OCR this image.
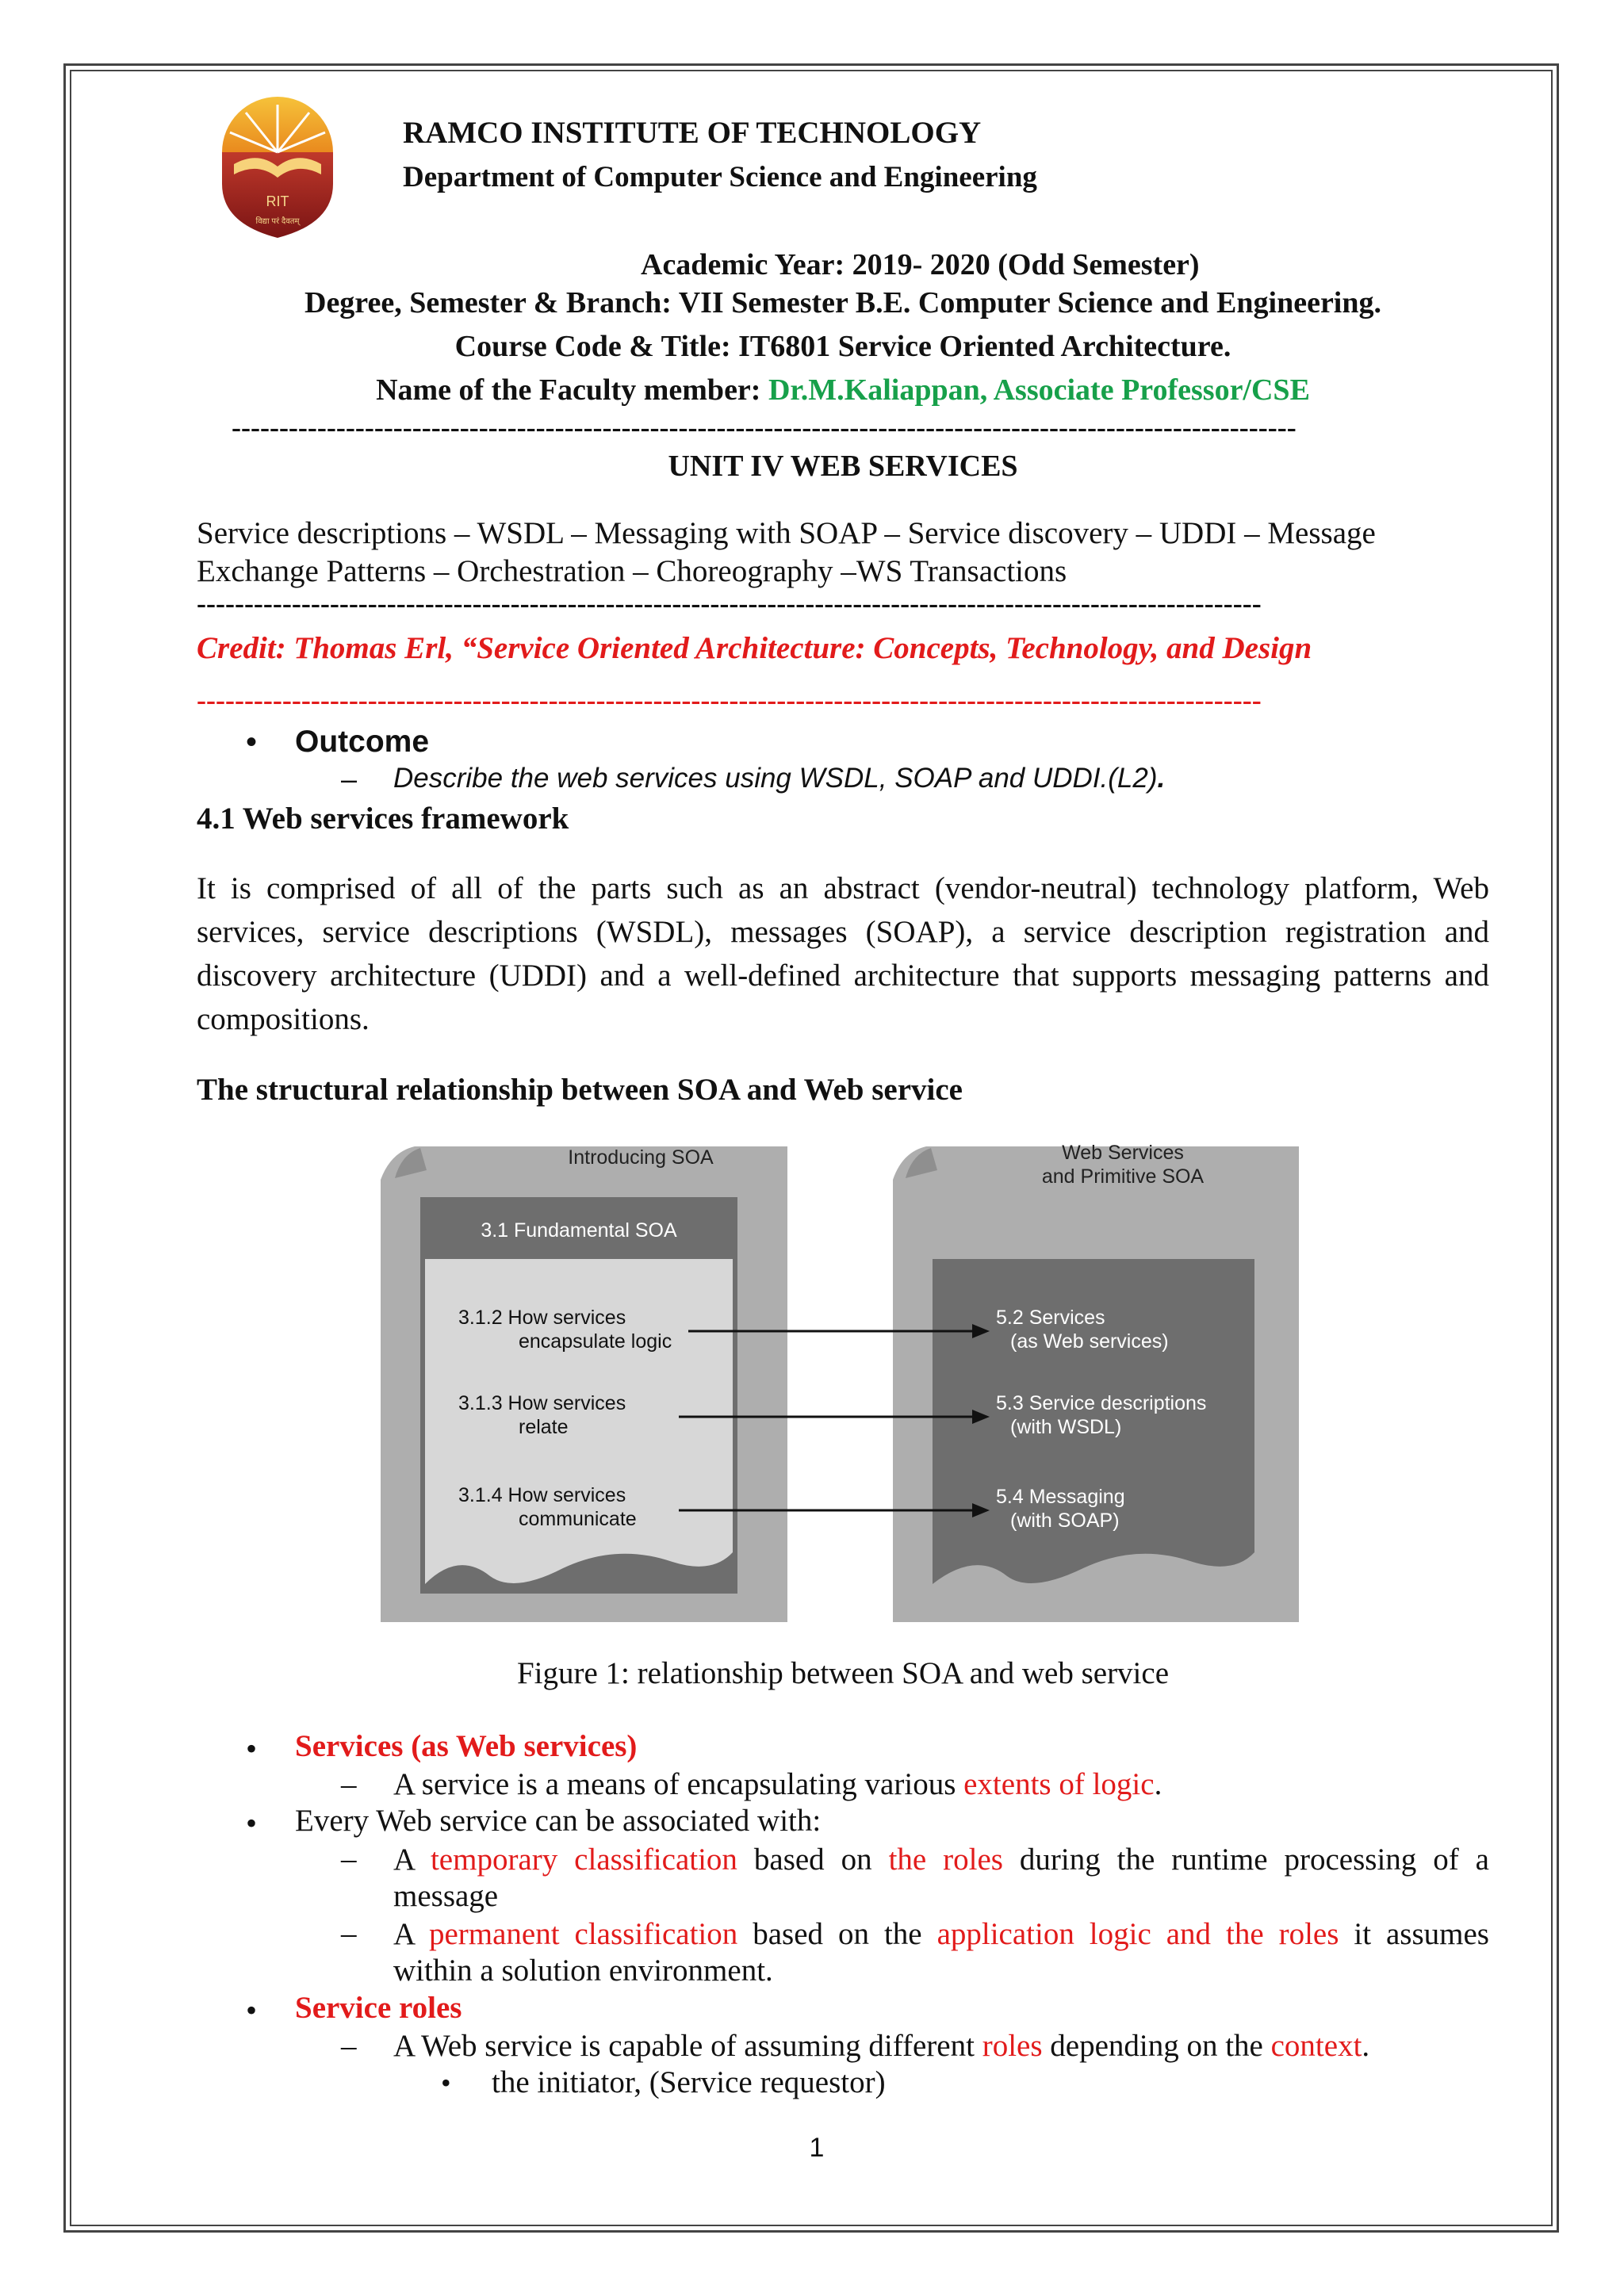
RIT
विद्या परं दैवतम्
RAMCO INSTITUTE OF TECHNOLOGY
Department of Computer Science and Engineering
Academic Year: 2019- 2020 (Odd Semester)
Degree, Semester & Branch: VII Semester B.E. Computer Science and Engineering.
Course Code & Title: IT6801 Service Oriented Architecture.
Name of the Faculty member: Dr.M.Kaliappan, Associate Professor/CSE
----------------------------------------------------------------------------------------------------------------
UNIT IV WEB SERVICES
Service descriptions – WSDL – Messaging with SOAP – Service discovery – UDDI – Message
Exchange Patterns – Orchestration – Choreography –WS Transactions
----------------------------------------------------------------------------------------------------------------
Credit: Thomas Erl, “Service Oriented Architecture: Concepts, Technology, and Design
----------------------------------------------------------------------------------------------------------------
• Outcome
– Describe the web services using WSDL, SOAP and UDDI.(L2).
4.1 Web services framework
It is comprised of all of the parts such as an abstract (vendor-neutral) technology platform, Web services, service descriptions (WSDL), messages (SOAP), a service description registration and discovery architecture (UDDI) and a well-defined architecture that supports messaging patterns and compositions.
The structural relationship between SOA and Web service
Introducing SOA
3.1 Fundamental SOA
3.1.2 How services
encapsulate logic
3.1.3 How services
relate
3.1.4 How services
communicate
Web Services
and Primitive SOA
5.2 Services
(as Web services)
5.3 Service descriptions
(with WSDL)
5.4 Messaging
(with SOAP)
Figure 1: relationship between SOA and web service
• Services (as Web services)
– A service is a means of encapsulating various extents of logic.
• Every Web service can be associated with:
– A temporary classification based on the roles during the runtime processing of a
message
– A permanent classification based on the application logic and the roles it assumes
within a solution environment.
• Service roles
– A Web service is capable of assuming different roles depending on the context.
• the initiator, (Service requestor)
1
